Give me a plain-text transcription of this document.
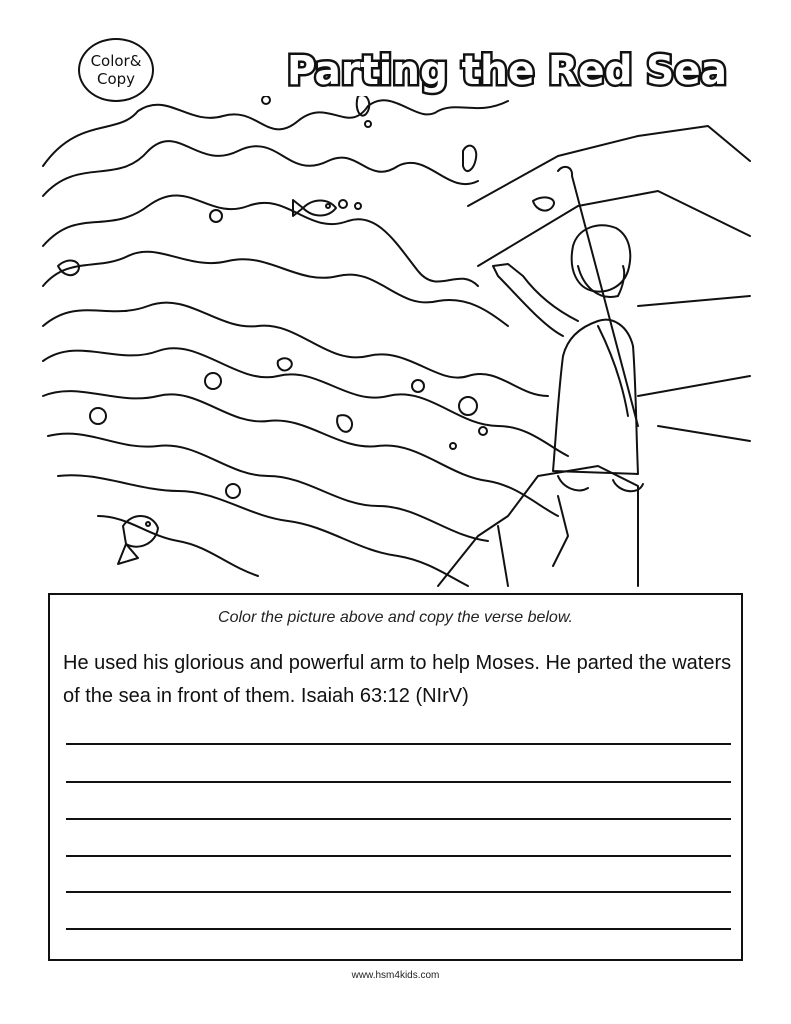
Color&
Copy	Parting the Red Sea
Color the picture above and copy the verse below.
He used his glorious and powerful arm to help Moses. He parted the waters of the sea in front of them. Isaiah 63:12 (NIrV)
www.hsm4kids.com
